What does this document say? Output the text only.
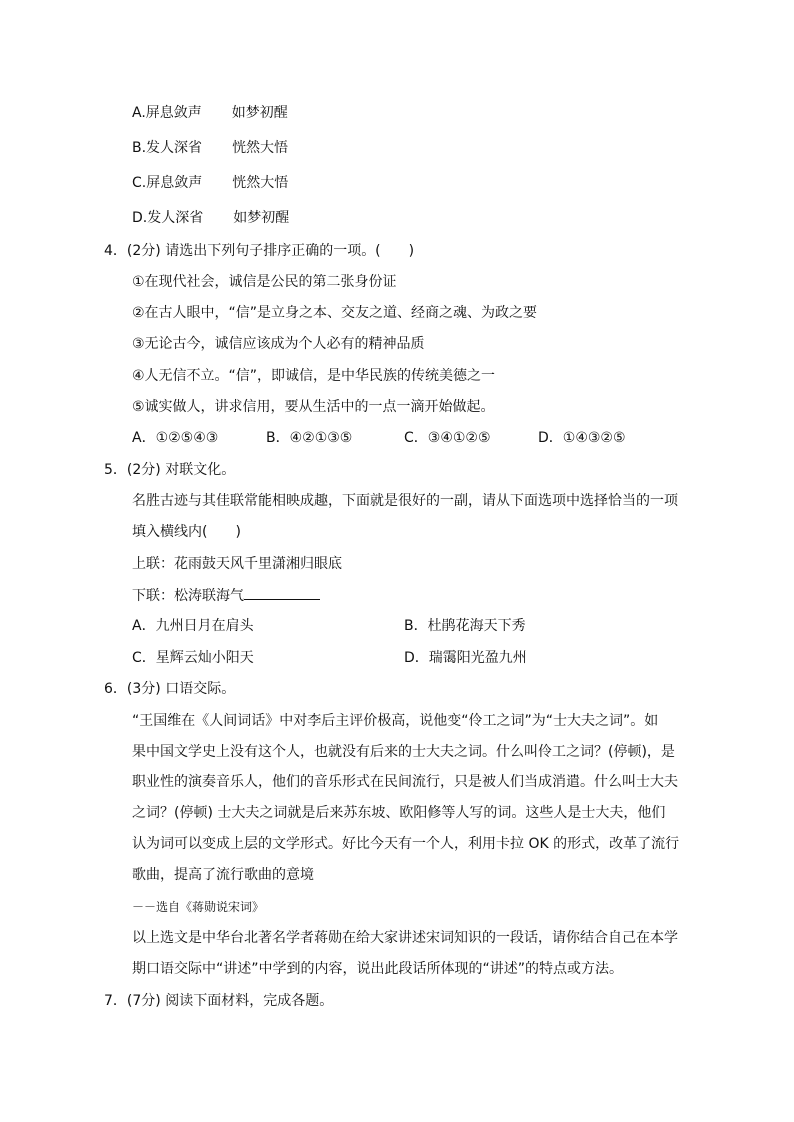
A.屏息敛声 如梦初醒
B.发人深省 恍然大悟
C.屏息敛声 恍然大悟
D.发人深省 如梦初醒
4．(2分) 请选出下列句子排序正确的一项。(　　)
①在现代社会，诚信是公民的第二张身份证
②在古人眼中，“信”是立身之本、交友之道、经商之魂、为政之要
③无论古今，诚信应该成为个人必有的精神品质
④人无信不立。“信”，即诚信，是中华民族的传统美德之一
⑤诚实做人，讲求信用，要从生活中的一点一滴开始做起。
A．①②⑤④③	B．④②①③⑤	C．③④①②⑤	D．①④③②⑤
5．(2分) 对联文化。
名胜古迹与其佳联常能相映成趣，下面就是很好的一副，请从下面选项中选择恰当的一项
填入横线内(　　)
上联：花雨鼓天风千里潇湘归眼底
下联：松涛联海气
A．九州日月在肩头	B．杜鹃花海天下秀
C．星辉云灿小阳天	D．瑞霭阳光盈九州
6．(3分) 口语交际。
“王国维在《人间词话》中对李后主评价极高，说他变“伶工之词”为“士大夫之词”。如
果中国文学史上没有这个人，也就没有后来的士大夫之词。什么叫伶工之词？(停顿)，是
职业性的演奏音乐人，他们的音乐形式在民间流行，只是被人们当成消遣。什么叫士大夫
之词？(停顿) 士大夫之词就是后来苏东坡、欧阳修等人写的词。这些人是士大夫，他们
认为词可以变成上层的文学形式。好比今天有一个人，利用卡拉 OK 的形式，改革了流行
歌曲，提高了流行歌曲的意境
－－选自《蒋勋说宋词》
以上选文是中华台北著名学者蒋勋在给大家讲述宋词知识的一段话，请你结合自己在本学
期口语交际中“讲述”中学到的内容，说出此段话所体现的“讲述”的特点或方法。
7．(7分) 阅读下面材料，完成各题。
